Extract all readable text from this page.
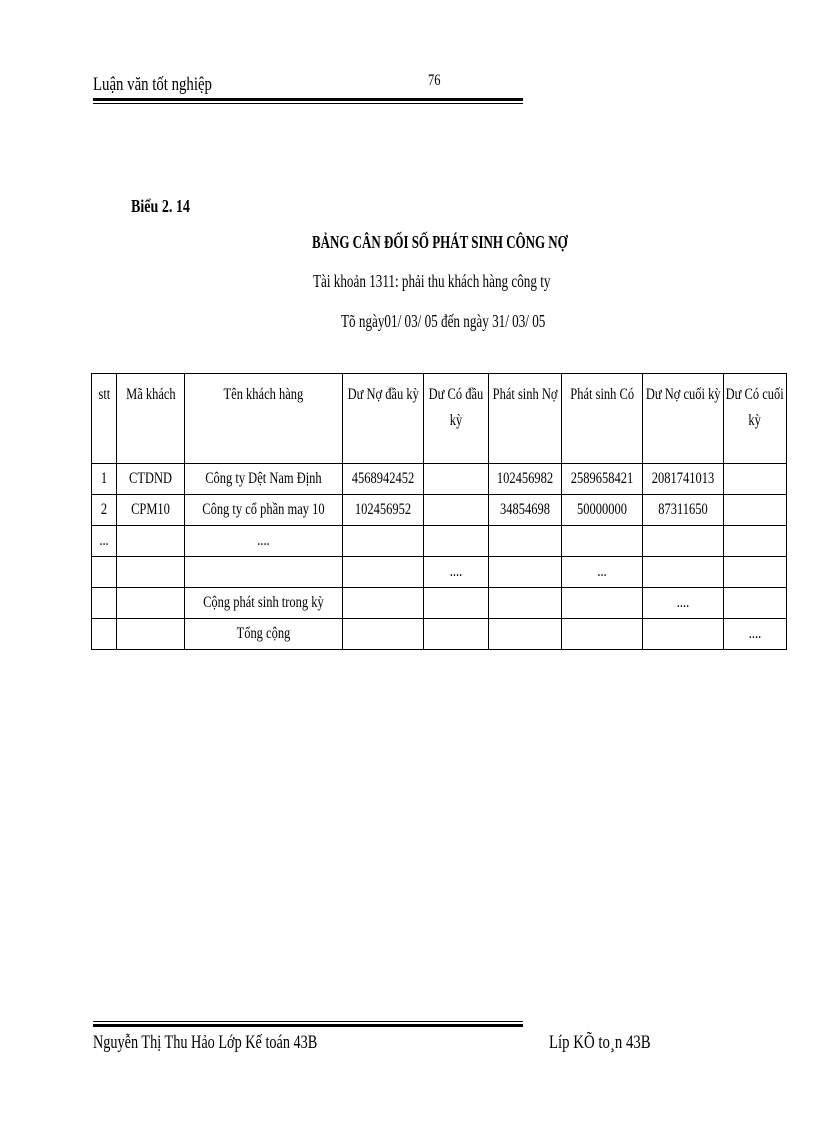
Luận văn tốt nghiệp	76
Biểu 2. 14
BẢNG CÂN ĐỐI SỐ PHÁT SINH CÔNG NỢ
Tài khoản 1311: phải thu khách hàng công ty
Tõ ngày01/ 03/ 05 đến ngày 31/ 03/ 05
stt	Mã khách	Tên khách hàng	Dư Nợ đầu kỳ	Dư Có đầu kỳ	Phát sinh Nợ	Phát sinh Có	Dư Nợ cuối kỳ	Dư Có cuối kỳ

1	CTDND	Công ty Dệt Nam Định	4568942452		102456982	2589658421	2081741013	

2	CPM10	Công ty cổ phần may 10	102456952		34854698	50000000	87311650	

...		....						

				....		...		

		Cộng phát sinh trong kỳ					....	

		Tổng cộng						....
Nguyễn Thị Thu Hảo Lớp Kế toán 43B	Líp KÕ to¸n 43B
